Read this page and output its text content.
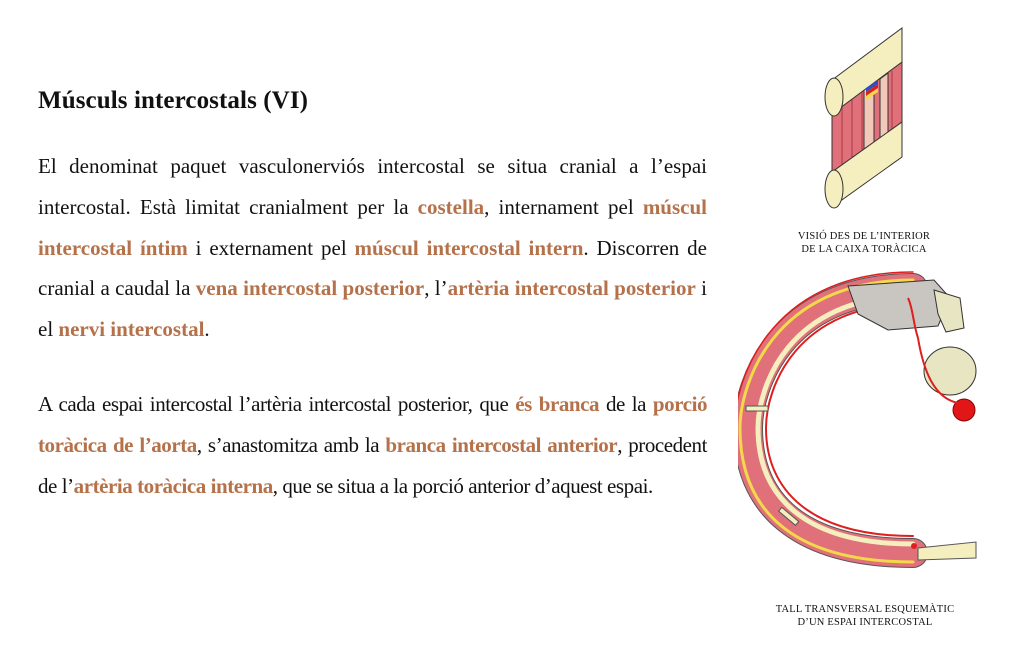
Músculs intercostals (VI)

El denominat paquet vasculonerviós intercostal se situa cranial a l’espai intercostal. Està limitat cranialment per la costella, internament pel múscul intercostal íntim i externament pel múscul intercostal intern. Discorren de cranial a caudal la vena intercostal posterior, l’artèria intercostal posterior i el nervi intercostal.

A cada espai intercostal l’artèria intercostal posterior, que és branca de la porció toràcica de l’aorta, s’anastomitza amb la branca intercostal anterior, procedent de l’artèria toràcica interna, que se situa a la porció anterior d’aquest espai.

VISIÓ DES DE L’INTERIOR
DE LA CAIXA TORÀCICA
TALL TRANSVERSAL ESQUEMÀTIC
D’UN ESPAI INTERCOSTAL
